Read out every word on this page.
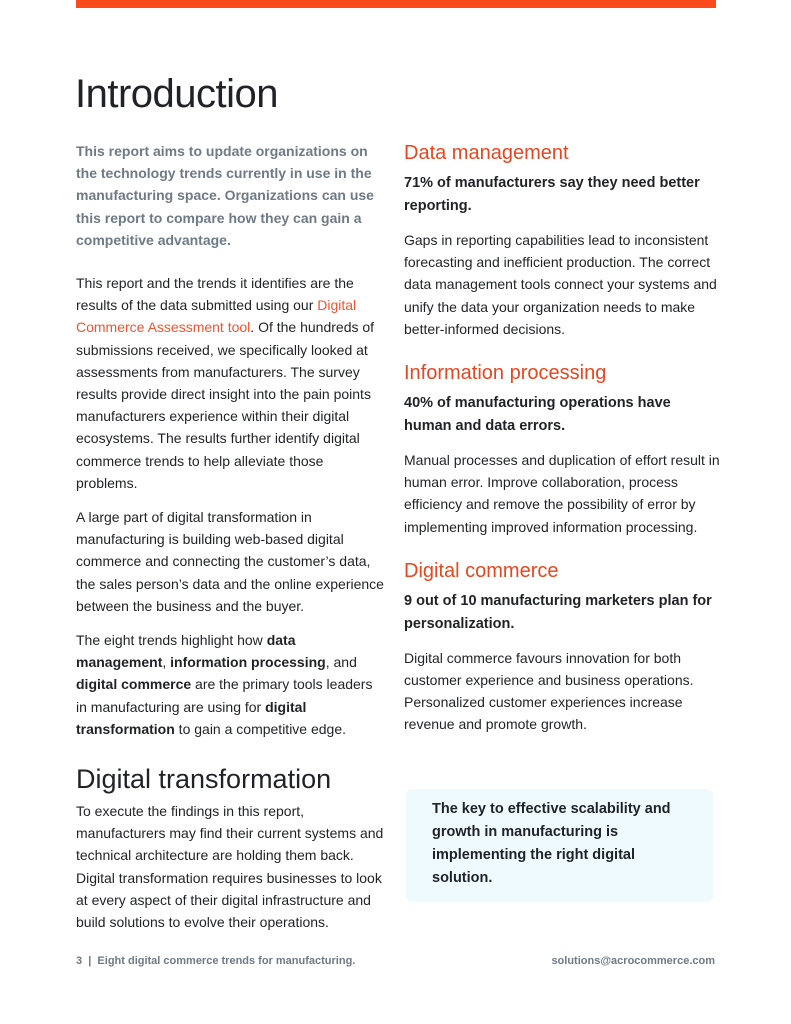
Introduction

This report aims to update organizations on the technology trends currently in use in the manufacturing space. Organizations can use this report to compare how they can gain a competitive advantage.

This report and the trends it identifies are the results of the data submitted using our Digital Commerce Assessment tool. Of the hundreds of submissions received, we specifically looked at assessments from manufacturers. The survey results provide direct insight into the pain points manufacturers experience within their digital ecosystems. The results further identify digital commerce trends to help alleviate those problems.

A large part of digital transformation in manufacturing is building web-based digital commerce and connecting the customer’s data, the sales person’s data and the online experience between the business and the buyer.

The eight trends highlight how data management, information processing, and digital commerce are the primary tools leaders in manufacturing are using for digital transformation to gain a competitive edge.

Digital transformation

To execute the findings in this report, manufacturers may find their current systems and technical architecture are holding them back. Digital transformation requires businesses to look at every aspect of their digital infrastructure and build solutions to evolve their operations.

Data management

71% of manufacturers say they need better reporting.

Gaps in reporting capabilities lead to inconsistent forecasting and inefficient production. The correct data management tools connect your systems and unify the data your organization needs to make better-informed decisions.

Information processing

40% of manufacturing operations have human and data errors.

Manual processes and duplication of effort result in human error. Improve collaboration, process efficiency and remove the possibility of error by implementing improved information processing.

Digital commerce

9 out of 10 manufacturing marketers plan for personalization.

Digital commerce favours innovation for both customer experience and business operations. Personalized customer experiences increase revenue and promote growth.

The key to effective scalability and growth in manufacturing is implementing the right digital solution.

3  |  Eight digital commerce trends for manufacturing.	solutions@acrocommerce.com
